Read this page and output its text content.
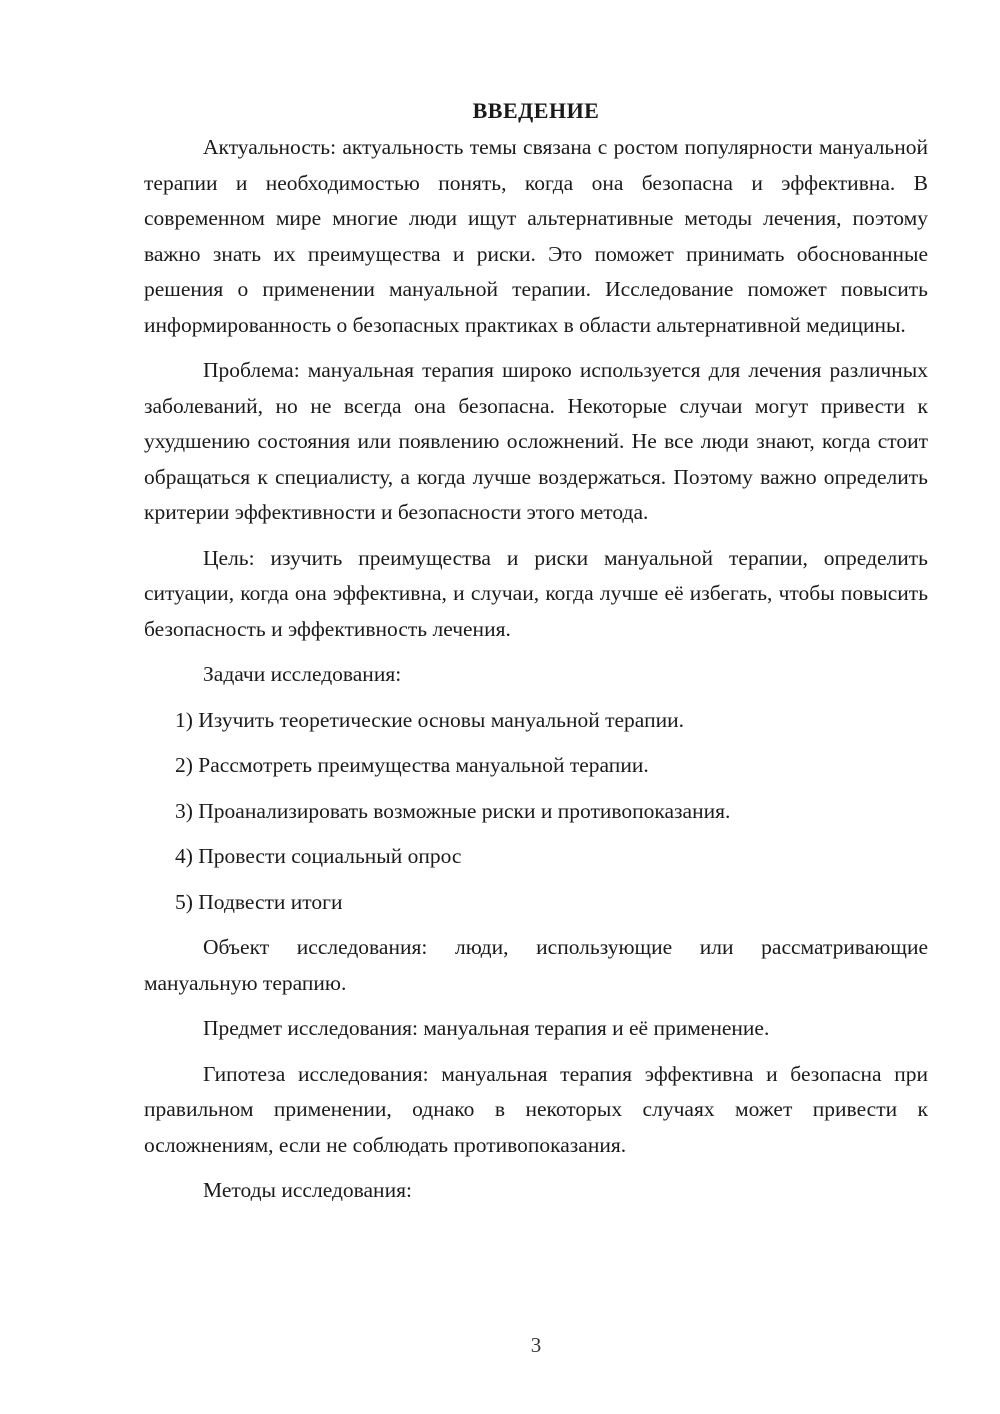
ВВЕДЕНИЕ

Актуальность: актуальность темы связана с ростом популярности мануальной терапии и необходимостью понять, когда она безопасна и эффективна. В современном мире многие люди ищут альтернативные методы лечения, поэтому важно знать их преимущества и риски. Это поможет принимать обоснованные решения о применении мануальной терапии. Исследование поможет повысить информированность о безопасных практиках в области альтернативной медицины.

Проблема: мануальная терапия широко используется для лечения различных заболеваний, но не всегда она безопасна. Некоторые случаи могут привести к ухудшению состояния или появлению осложнений. Не все люди знают, когда стоит обращаться к специалисту, а когда лучше воздержаться. Поэтому важно определить критерии эффективности и безопасности этого метода.

Цель: изучить преимущества и риски мануальной терапии, определить ситуации, когда она эффективна, и случаи, когда лучше её избегать, чтобы повысить безопасность и эффективность лечения.

Задачи исследования:

1) Изучить теоретические основы мануальной терапии.
2) Рассмотреть преимущества мануальной терапии.
3) Проанализировать возможные риски и противопоказания.
4) Провести социальный опрос
5) Подвести итоги

Объект исследования: люди, использующие или рассматривающие мануальную терапию.

Предмет исследования: мануальная терапия и её применение.

Гипотеза исследования: мануальная терапия эффективна и безопасна при правильном применении, однако в некоторых случаях может привести к осложнениям, если не соблюдать противопоказания.

Методы исследования:

3
